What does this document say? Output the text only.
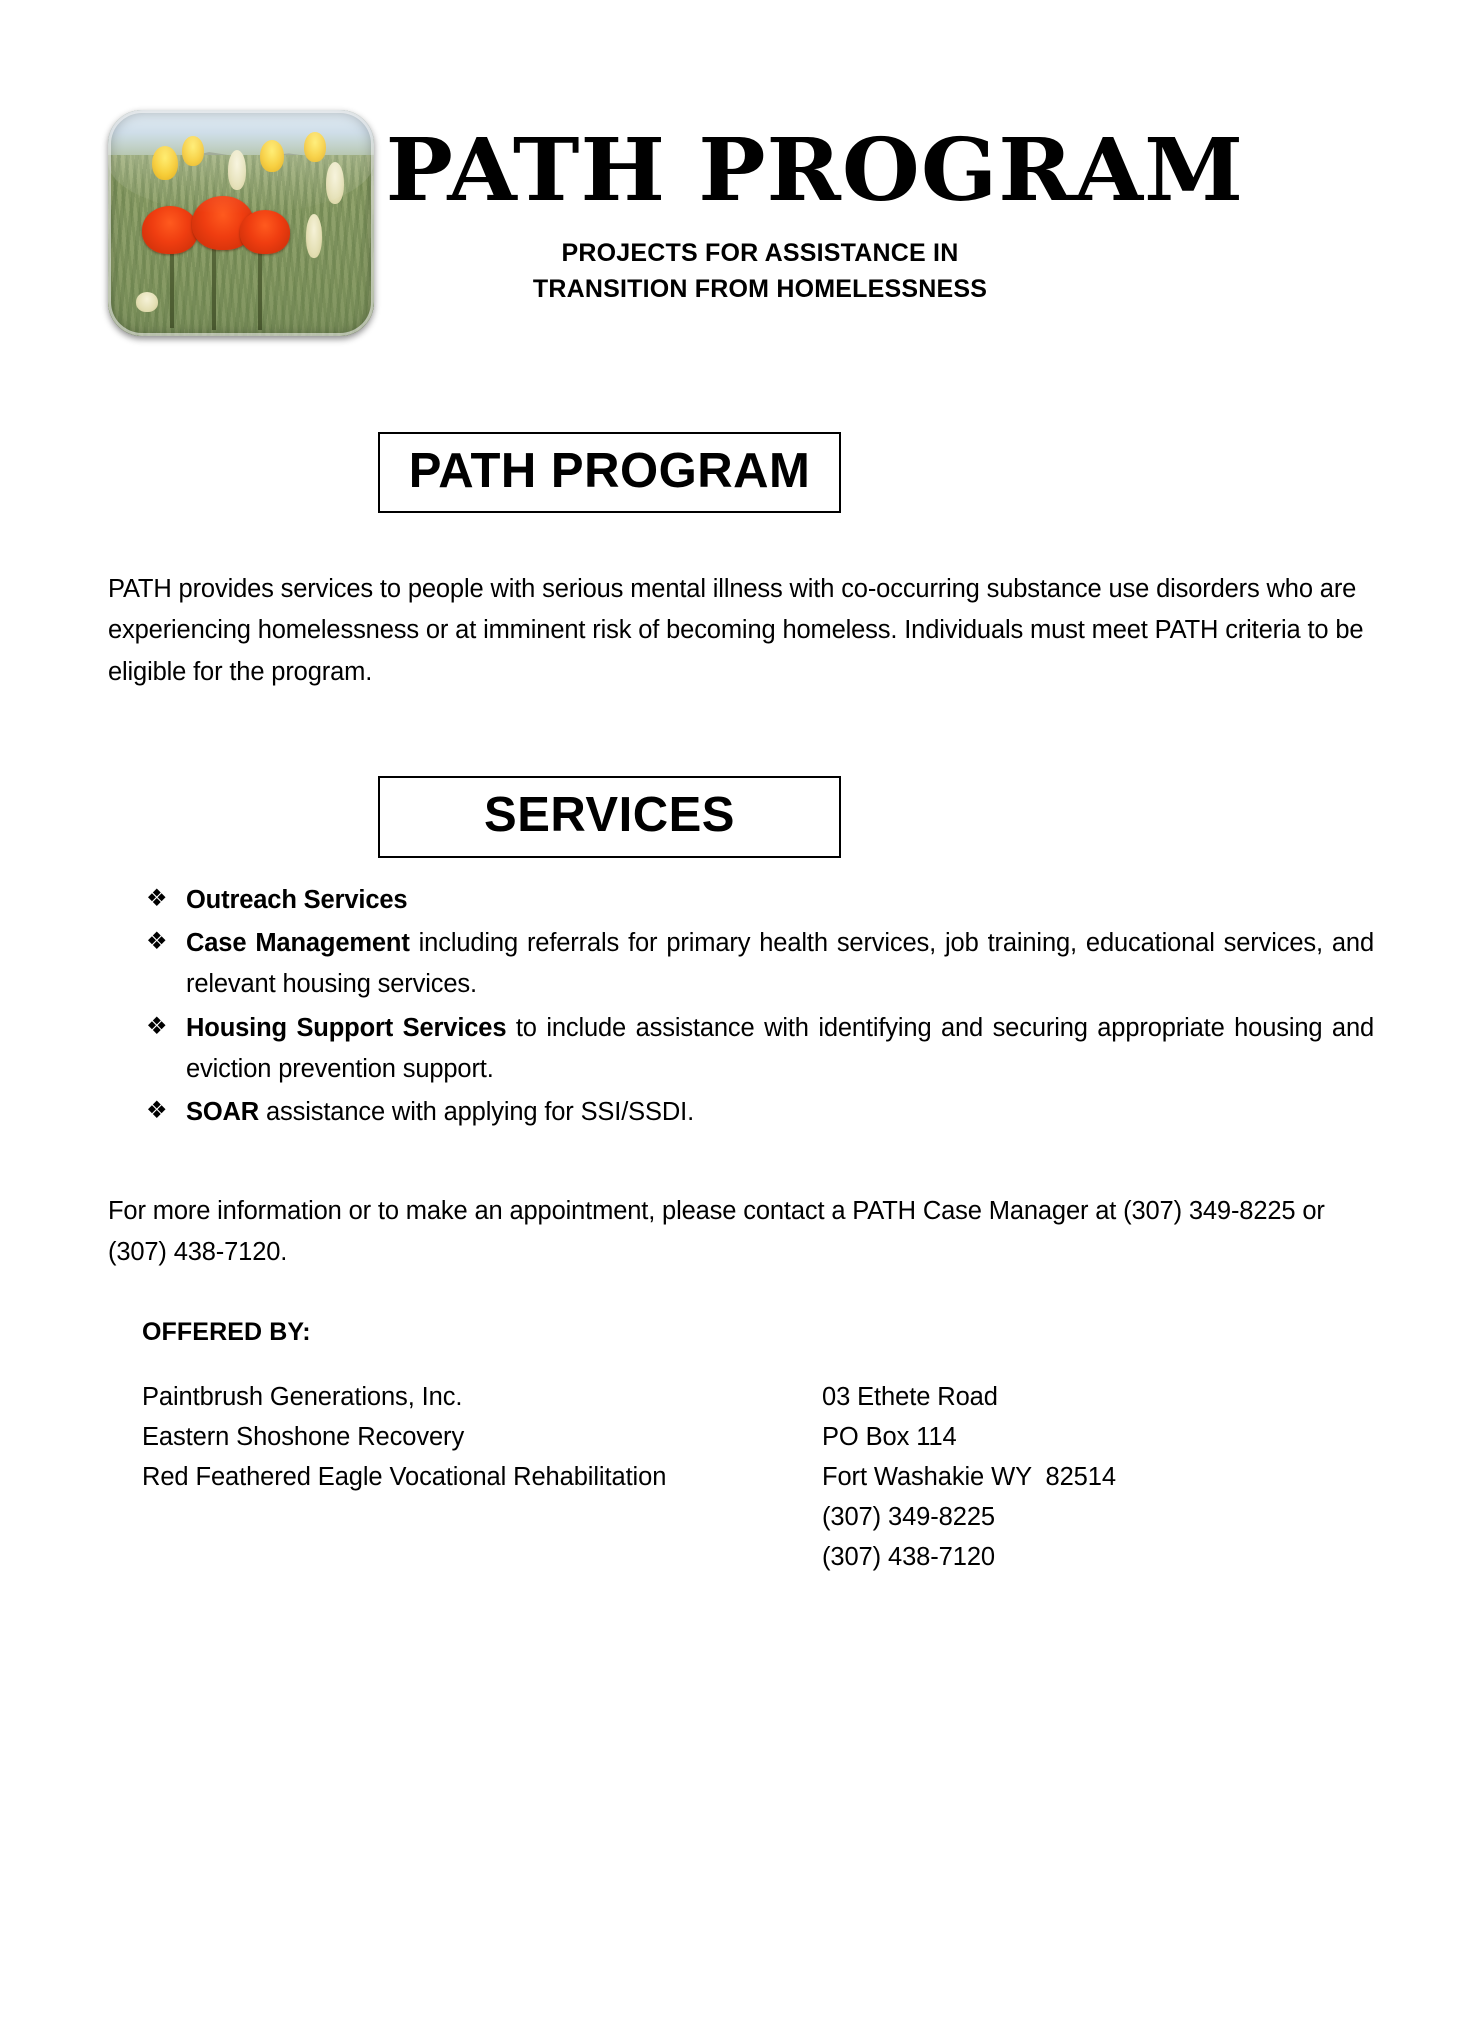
PATH PROGRAM
PROJECTS FOR ASSISTANCE IN
TRANSITION FROM HOMELESSNESS
PATH PROGRAM

PATH provides services to people with serious mental illness with co-occurring substance use disorders who are experiencing homelessness or at imminent risk of becoming homeless. Individuals must meet PATH criteria to be eligible for the program.

SERVICES
❖ Outreach Services
❖ Case Management including referrals for primary health services, job training, educational services, and relevant housing services.
❖ Housing Support Services to include assistance with identifying and securing appropriate housing and eviction prevention support.
❖ SOAR assistance with applying for SSI/SSDI.

For more information or to make an appointment, please contact a PATH Case Manager at (307) 349-8225 or (307) 438-7120.

OFFERED BY:
Paintbrush Generations, Inc.
Eastern Shoshone Recovery
Red Feathered Eagle Vocational Rehabilitation
03 Ethete Road
PO Box 114
Fort Washakie WY  82514
(307) 349-8225
(307) 438-7120
